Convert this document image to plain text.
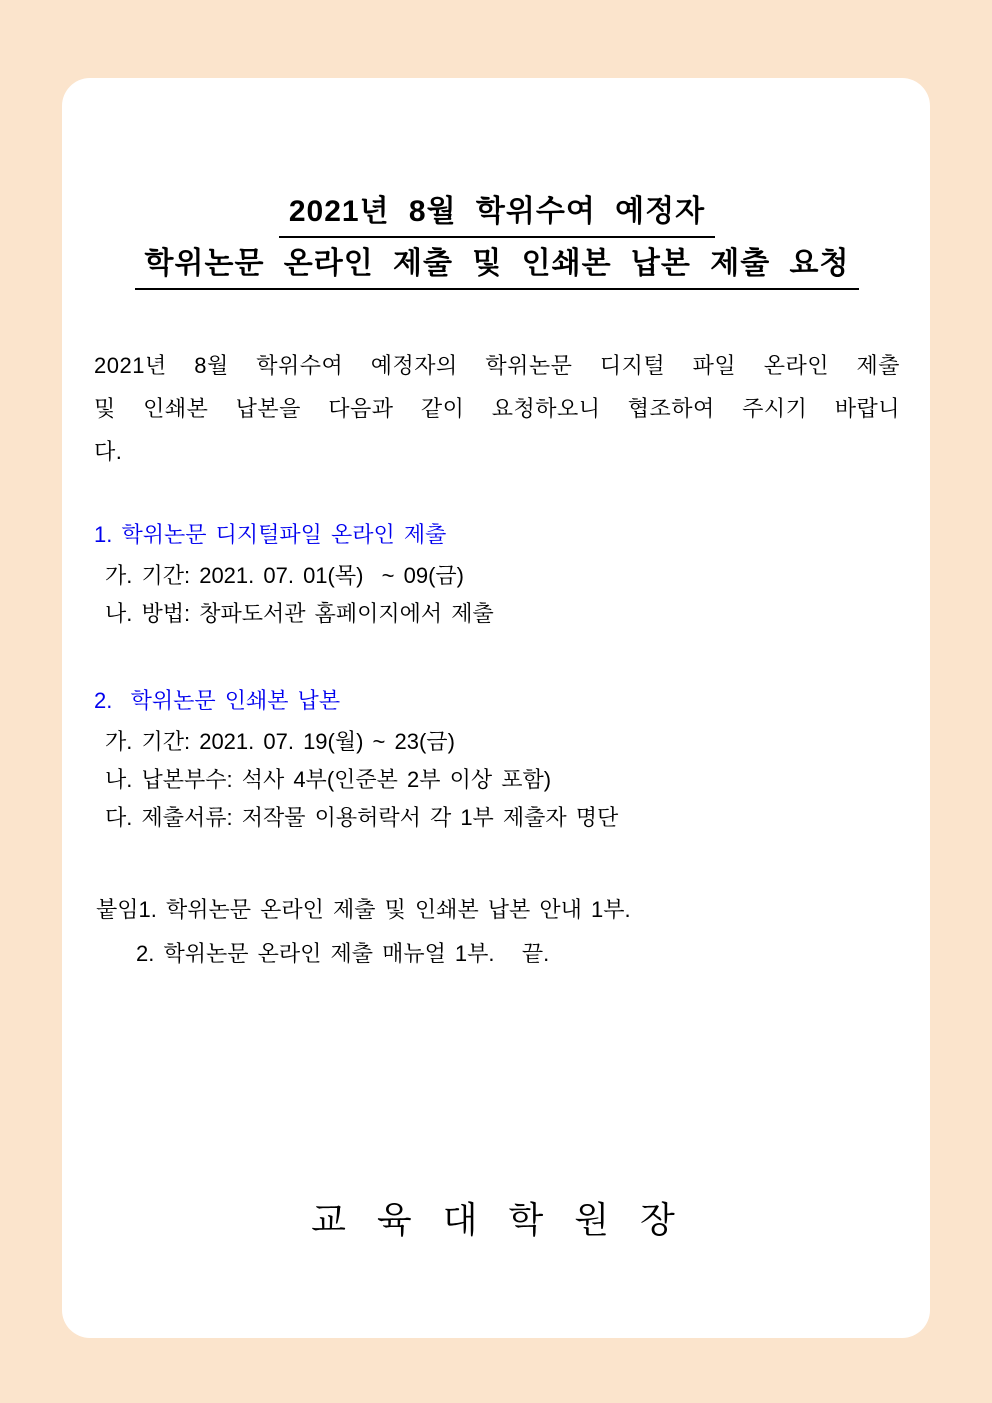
2021년 8월 학위수여 예정자
학위논문 온라인 제출 및 인쇄본 납본 제출 요청
2021년 8월 학위수여 예정자의 학위논문 디지털 파일 온라인 제출
및 인쇄본 납본을 다음과 같이 요청하오니 협조하여 주시기 바랍니
다.
1. 학위논문 디지털파일 온라인 제출
가. 기간: 2021. 07. 01(목)  ~ 09(금)
나. 방법: 창파도서관 홈페이지에서 제출
2.  학위논문 인쇄본 납본
가. 기간: 2021. 07. 19(월) ~ 23(금)
나. 납본부수: 석사 4부(인준본 2부 이상 포함)
다. 제출서류: 저작물 이용허락서 각 1부 제출자 명단
붙임1. 학위논문 온라인 제출 및 인쇄본 납본 안내 1부.
2. 학위논문 온라인 제출 매뉴얼 1부.   끝.
교 육 대 학 원 장
